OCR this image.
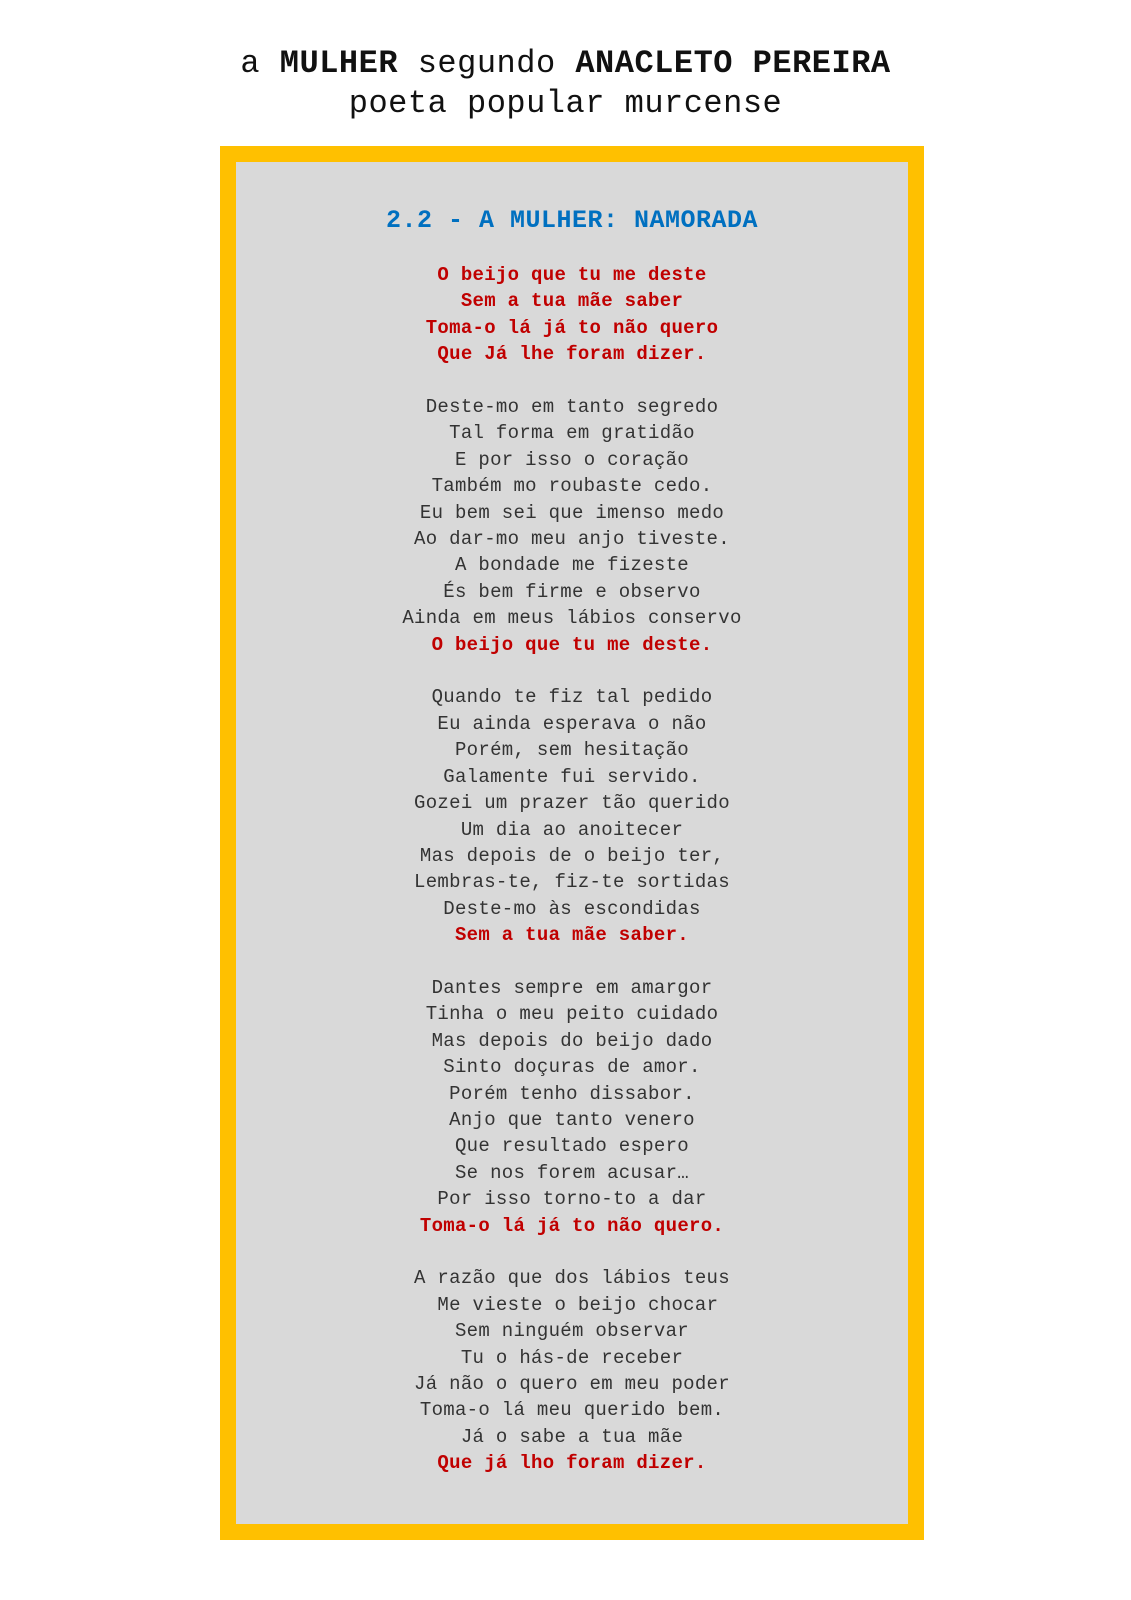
a MULHER segundo ANACLETO PEREIRA
poeta popular murcense
2.2 - A MULHER: NAMORADA
O beijo que tu me deste
Sem a tua mãe saber
Toma-o lá já to não quero
Que Já lhe foram dizer.
Deste-mo em tanto segredo
Tal forma em gratidão
E por isso o coração
Também mo roubaste cedo.
Eu bem sei que imenso medo
Ao dar-mo meu anjo tiveste.
A bondade me fizeste
És bem firme e observo
Ainda em meus lábios conservo
O beijo que tu me deste.
Quando te fiz tal pedido
Eu ainda esperava o não
Porém, sem hesitação
Galamente fui servido.
Gozei um prazer tão querido
Um dia ao anoitecer
Mas depois de o beijo ter,
Lembras-te, fiz-te sortidas
Deste-mo às escondidas
Sem a tua mãe saber.
Dantes sempre em amargor
Tinha o meu peito cuidado
Mas depois do beijo dado
Sinto doçuras de amor.
Porém tenho dissabor.
Anjo que tanto venero
Que resultado espero
Se nos forem acusar…
Por isso torno-to a dar
Toma-o lá já to não quero.
A razão que dos lábios teus
Me vieste o beijo chocar
Sem ninguém observar
Tu o hás-de receber
Já não o quero em meu poder
Toma-o lá meu querido bem.
Já o sabe a tua mãe
Que já lho foram dizer.
